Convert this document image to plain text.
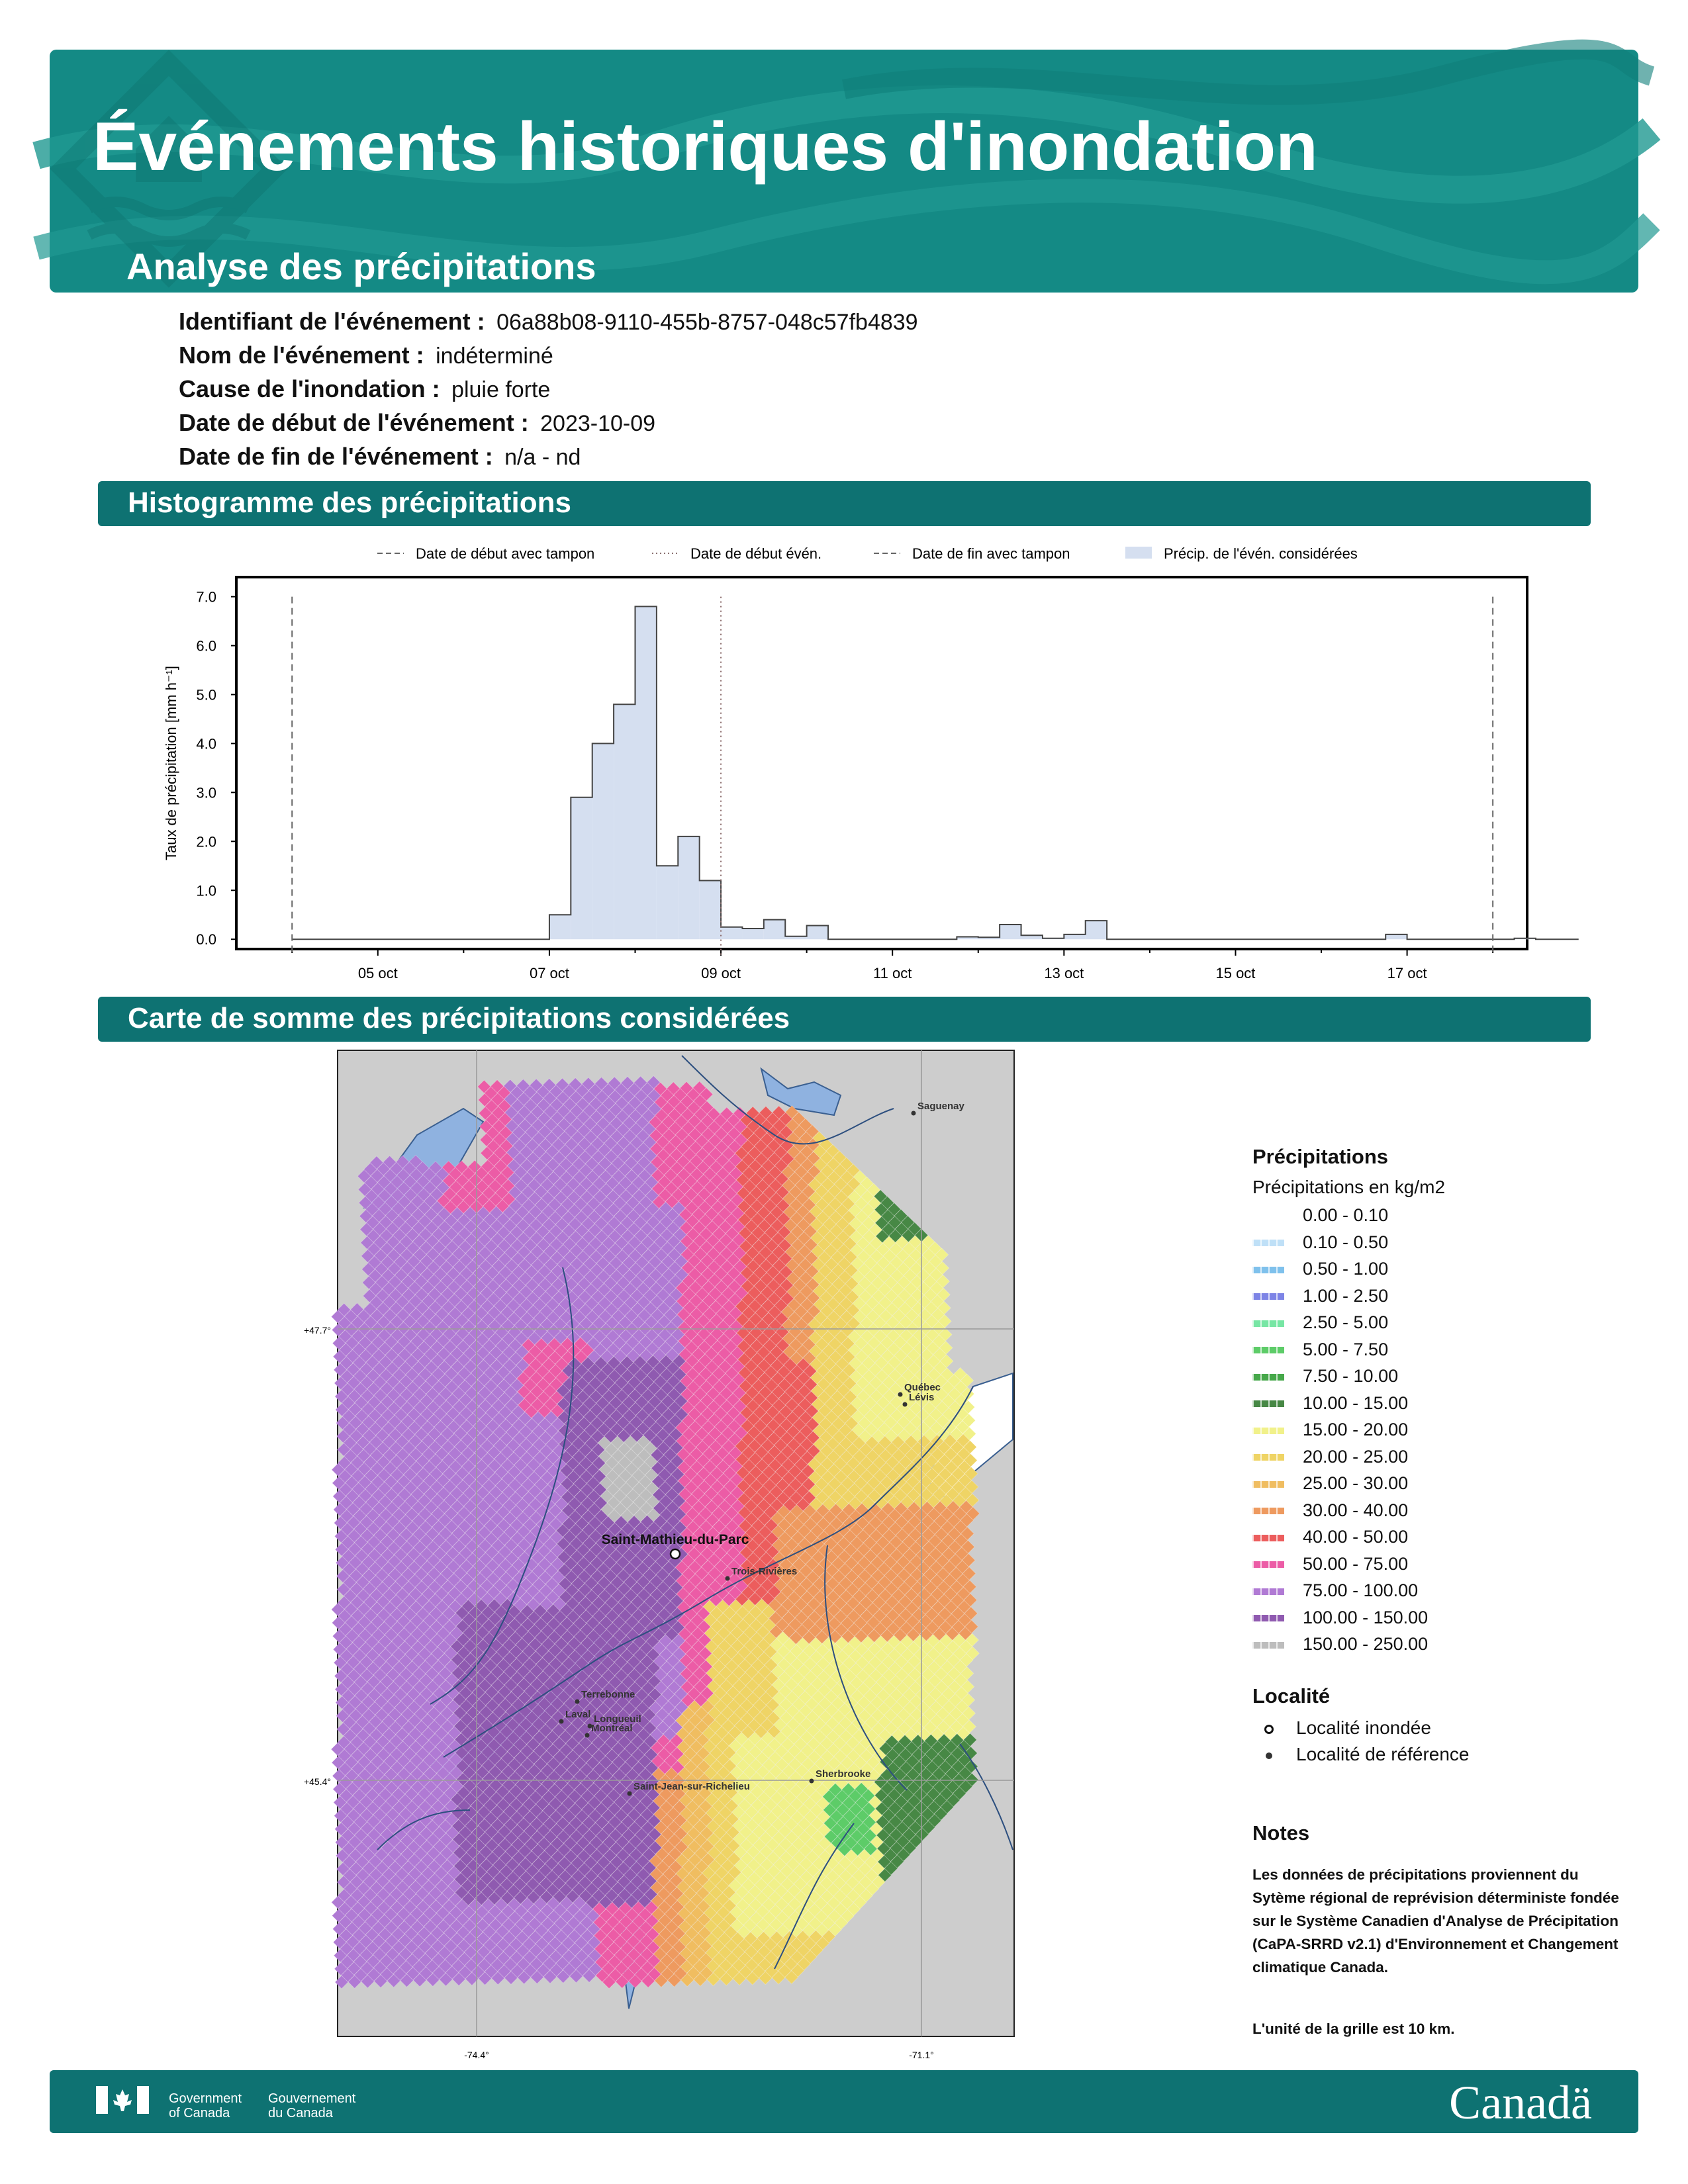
Événements historiques d'inondation
Analyse des précipitations
Identifiant de l'événement : 06a88b08-9110-455b-8757-048c57fb4839
Nom de l'événement : indéterminé
Cause de l'inondation : pluie forte
Date de début de l'événement : 2023-10-09
Date de fin de l'événement : n/a - nd
Histogramme des précipitations
Date de début avec tampon	Date de début évén.	Date de fin avec tampon	Précip. de l'évén. considérées
0.0
1.0
2.0
3.0
4.0
5.0
6.0
7.0
05 oct	07 oct	09 oct	11 oct	13 oct	15 oct	17 oct
Taux de précipitation [mm h⁻¹]
Carte de somme des précipitations considérées
+47.7°
+45.4°
-74.4°	-71.1°
Saguenay
Québec
Lévis
Trois-Rivières
Terrebonne
Laval Longueuil
Montréal
Saint-Jean-sur-Richelieu
Sherbrooke
Saint-Mathieu-du-Parc
Précipitations
Précipitations en kg/m2
0.00 - 0.10
0.10 - 0.50
0.50 - 1.00
1.00 - 2.50
2.50 - 5.00
5.00 - 7.50
7.50 - 10.00
10.00 - 15.00
15.00 - 20.00
20.00 - 25.00
25.00 - 30.00
30.00 - 40.00
40.00 - 50.00
50.00 - 75.00
75.00 - 100.00
100.00 - 150.00
150.00 - 250.00
Localité
Localité inondée
Localité de référence
Notes
Les données de précipitations proviennent du Sytème régional de reprévision déterministe fondée sur le Système Canadien d'Analyse de Précipitation (CaPA-SRRD v2.1) d'Environnement et Changement climatique Canada.
L'unité de la grille est 10 km.
Government
of Canada
Gouvernement
du Canada	Canadä
